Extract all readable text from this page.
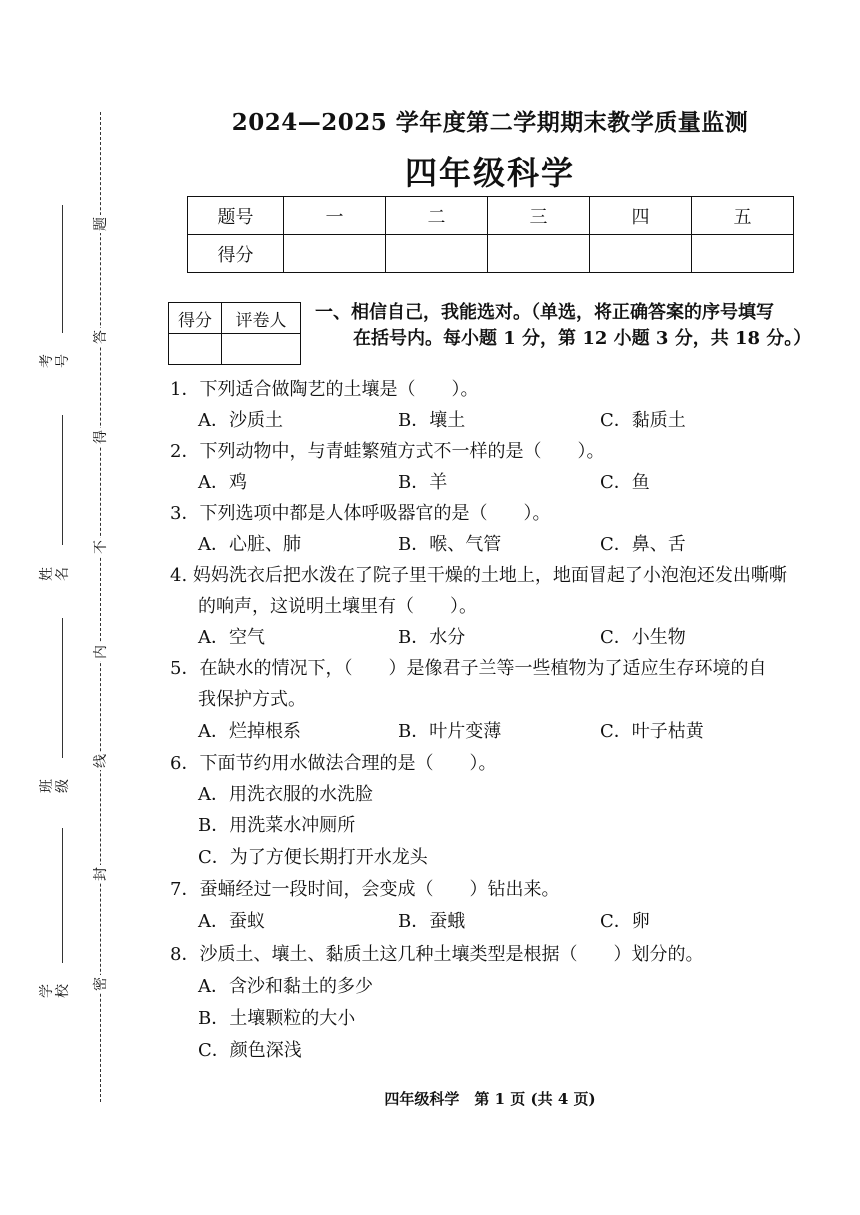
题
答
得
不
内
线
封
密
考号
姓名
班级
学校
2024—2025 学年度第二学期期末教学质量监测
四年级科学
题号	一	二	三	四	五
得分					
得分	评卷人
	一、相信自己，我能选对。（单选，将正确答案的序号填写
在括号内。每小题 1 分，第 12 小题 3 分，共 18 分。）
1．下列适合做陶艺的土壤是（　　）。
A．沙质土	B．壤土	C．黏质土
2．下列动物中，与青蛙繁殖方式不一样的是（　　）。
A．鸡	B．羊	C．鱼
3．下列选项中都是人体呼吸器官的是（　　）。
A．心脏、肺	B．喉、气管	C．鼻、舌
4. 妈妈洗衣后把水泼在了院子里干燥的土地上，地面冒起了小泡泡还发出嘶嘶
的响声，这说明土壤里有（　　）。
A．空气	B．水分	C．小生物
5．在缺水的情况下，（　　）是像君子兰等一些植物为了适应生存环境的自
我保护方式。
A．烂掉根系	B．叶片变薄	C．叶子枯黄
6．下面节约用水做法合理的是（　　）。
A．用洗衣服的水洗脸
B．用洗菜水冲厕所
C．为了方便长期打开水龙头
7．蚕蛹经过一段时间，会变成（　　）钻出来。
A．蚕蚁	B．蚕蛾	C．卵
8．沙质土、壤土、黏质土这几种土壤类型是根据（　　）划分的。
A．含沙和黏土的多少
B．土壤颗粒的大小
C．颜色深浅
四年级科学　第 1 页 (共 4 页)
